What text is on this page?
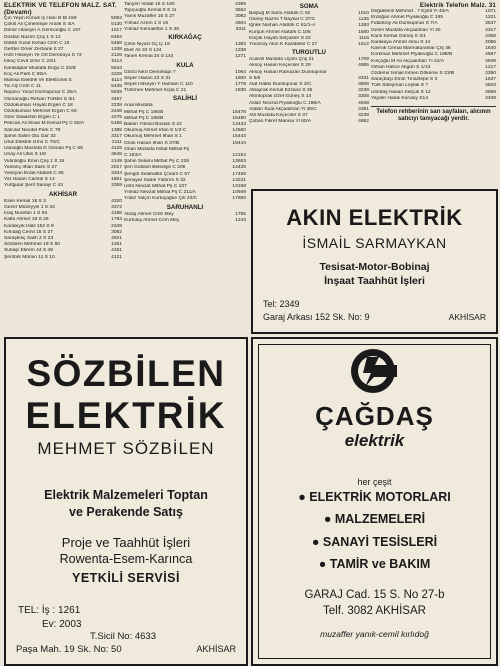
ELEKTRİK VE TELEFON MALZ. SAT. (Devamı)
Çın Yeşin Konuk İş Hanı B Bl 159	5053
Çoksl Ali Çimentepe Aralık S 4/A	5130
Demir Hüseyin A.Gemicioğlu C 157	1017
Dostan Nazım Çnş 1 S 12	6484
Dirlikli Yusuf Kenan Cmh C 18	5468
Gertter Ömer Zerbank S 27	1338
Hızlı Hüseyin Ye Ort Dereboyu S 72	2126
İnkoç Cevit İzmir C 23/1	5114
Karakaplar Mustafa Doğu C 22/B	5534
Koç Ali Park C 95/A	2228
Manisa Elektrik Ve Elektronik S	5114
Tic AŞ Cmh C 11	5435
Nişancı Yusuf Dumlupınar C 25/A	5839
Osmanoğlu Refvan Türkler S 3/1	3467
Özdokumacı Hayati Ergen C 18	2238
Özdokumacı Mehmet Ergen C 93	2436
Özer Saadettin Ergen C 1	4275
Pekcan Ali İhsan M.Kemal Pş C 50/A	5186
Salcılar Necdet Park C 78	1385
Şahin Salim Otu Gar 33	3317
Ufuk Elektrik İzmir C 70/C	2111
Ulusoğlu Mustafa G Osman Pş C 68	4125
Unay Ali Ülüs S 1/8	3648
Vidinlioğlu Emin Çnş 1 S 15	2149
Yankılıç İlhan Saim S 27	2017
Yanlıyan Erdal Atatürk C 95	3334
Yar Hasan Camlık S 14	1861
Yurtgular Şerif Sanayi C 43	3359
AKHİSAR
Esen Kemal 18 S 3	4320
Gezer Müzeyyel 1 S 34	3372
İnaş Nurettin 1 S 94	4188
Kalfa Ahmet 19 S 26	1793
Karabıyık Halil 152 S 9	2349
Kırlıdağ Cemil 15 S 27	3082
Saraşkılıç Salih 2 S 23	4821
Sözbilen Mehmet 19 S 50	1261
Subaşı Ekrem 44 S 48	4161
Şentürk Mümin 11 S 10	4121
Tanyeri Vedat 15 S 180	4399
Topçuoğlu Kemal 9 S 11	3652
Yanık Muzaffer 15 S 27	3082
Yılmaz Azem 1 S 16	4604
Yılmaz Kemalettin 1 S 36	3311
KIRKAĞAÇ
Çetin Niyazi Gç İç 19	1383
Eker Ali 34 S 124	1338
Taneri Kemal 34 S 143	1271
KULA
Gülcü Nezi Demirkapı 7	1064
Seper Hasan 23 S 31	1900
Sepet Hüseyin Y Hamam C 110	1778
Türkmen Mehmet Kışla C 21	1835
SALİHLİ
Anal Mustafa
Mithat Pş C 186/B	15478
Mithat Pş C 186/B	15480
Bakan Yüksel Bostan S 22	13433
Okumuş Ahmet İrfan S 1/2-C	14560
Okumuş Mehmet İlhan S 1	15443
Onuk Hasan İlhan S 37/B	19444
Onan Mustafa Nihat Mithat Pş
C 183/A	12154
Şahin Selami Mithat Pş C 226	13653
Şen Gülsüm Belediye C 208	14425
Şengül Selahattin Çınarlı C 57	17459
Şenuyar Sadık Yıldırım S 32	13231
Ünlü Nevzat Mithat Pş C 107	13158
Yılmaz Nevzat Mithat Pş C 211/A	10949
Yıldız Yalçın Kurtuçağne Çik 23/C	17860
SARUHANLI
Aktaş Ahmet Cmh Mey	1755
Kurtuluş Ahmet Cmh Mey	1243
SOMA
Baştuğ M Sami Atatürk C 60	1010
Güney Nazmi T Baykal C 37/C	1135
İğnek Numan Atatürk C 61/1-A	1283
Kurşun Ahmet Atatürk C 105	1500
Küçük Hayati Selçukler S 22	1116
Yücesoy Akın K Karabekir C 27	1512
TURGUTLU
Acardıl Mustafa Üçüm Çnş 31	1709
Aksoy Hasan Keçeciler S 29	4955
Aksoy Hasan Ramazan Dumlupınar
S 5/6	3331
Alat Hakkı Dumlupınar S 3/C	3808
Albayrak Kemal Ezzane S 35	3239
Altıntoprak İzzet Güneş S 14	3306
Aslan Nevzat Piyaleoğlu C 188/A	4948
Atalan Suat Akçaalıhan Yl 36/C	3381
Atlı Mustafa Keçeciler S 37	3238
Çoban Fikret Manisa Yl 60/A	4862
Elektrik Telefon Malz. 31
Değdelenli Mehmet . 7 Eylül Yl 40/A	1071
Erdoğan Ahmet Piyaleoğlu C 195	1221
Fidanboy Ali Dumlupınar S 7/A	3637
Gelen Mustafa Akçaalıhan Yl 30	4317
Kanlı Kemal Güneş S 3/1	4358
Karakaya Ahmet Aksu S 14	2096
Kavruk Cemal Marmaturanlar Çrş 46	1640
Korkmaz Mehmet Piyaleoğlu C 188/B	4587
Kılıçoğlu M Ali Akçaalıhan Yl 42/A	4949
Orhan Hatice Akgün S 1/13	1217
Özdemir İsmail İnmen Dökeme S 23/B	3390
Saraçbaşı Emin Tınaztepe S 3	1637
Türk Süleyman Leylak S 7	4843
Ünlütaş Hasan Selçuk S 12	3568
Yayder Haluk Kuruluy S14	3408
Telefon rehberinin sarı sayfaları, alıcının satıcıyı tanıyacağı yerdir.
AKIN ELEKTRİK
İSMAİL SARMAYKAN
Tesisat-Motor-Bobinaj
İnşaat Taahhüt İşleri
Tel: 2349
Garaj Arkası 152 Sk. No: 9	AKHİSAR
SÖZBİLEN
ELEKTRİK
MEHMET SÖZBİLEN
Elektrik Malzemeleri Toptan
ve Perakende Satış
Proje ve Taahhüt İşleri
Rowenta-Esem-Karınca
YETKİLİ SERVİSİ
TEL: İş : 1261
Ev: 2003
T.Sicil No: 4633
Paşa Mah. 19 Sk. No: 50	AKHİSAR
ÇAĞDAŞ
elektrik
her çeşit
● ELEKTRİK MOTORLARI
● MALZEMELERİ
● SANAYİ TESİSLERİ
● TAMİR ve BAKIM
GARAJ Cad. 15 S. No 27-b
Telf. 3082 AKHİSAR
muzaffer yanık-cemil kırlıdoğ
